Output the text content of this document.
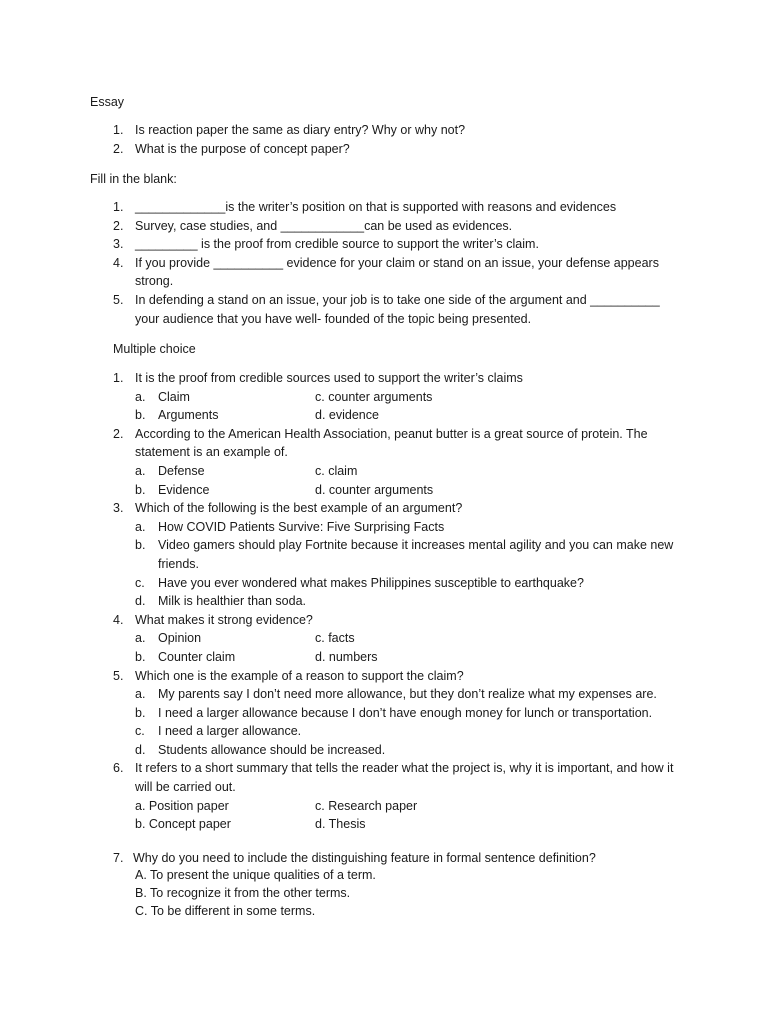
Essay
1. Is reaction paper the same as diary entry? Why or why not?
2. What is the purpose of concept paper?
Fill in the blank:
1. _____________is the writer’s position on that is supported with reasons and evidences
2. Survey, case studies, and ____________can be used as evidences.
3. _________ is the proof from credible source to support the writer’s claim.
4. If you provide __________ evidence for your claim or stand on an issue, your defense appears strong.
5. In defending a stand on an issue, your job is to take one side of the argument and __________ your audience that you have well- founded of the topic being presented.
Multiple choice
1. It is the proof from credible sources used to support the writer’s claims
a. Claim	c. counter arguments
b. Arguments	d. evidence
2. According to the American Health Association, peanut butter is a great source of protein. The statement is an example of.
a. Defense	c. claim
b. Evidence	d. counter arguments
3. Which of the following is the best example of an argument?
a. How COVID Patients Survive: Five Surprising Facts
b. Video gamers should play Fortnite because it increases mental agility and you can make new friends.
c. Have you ever wondered what makes Philippines susceptible to earthquake?
d. Milk is healthier than soda.
4. What makes it strong evidence?
a. Opinion	c. facts
b. Counter claim	d. numbers
5. Which one is the example of a reason to support the claim?
a. My parents say I don’t need more allowance, but they don’t realize what my expenses are.
b. I need a larger allowance because I don’t have enough money for lunch or transportation.
c. I need a larger allowance.
d. Students allowance should be increased.
6. It refers to a short summary that tells the reader what the project is, why it is important, and how it will be carried out.
a. Position paper	c. Research paper
b. Concept paper	d. Thesis
7. Why do you need to include the distinguishing feature in formal sentence definition?
A. To present the unique qualities of a term.
B. To recognize it from the other terms.
C. To be different in some terms.
